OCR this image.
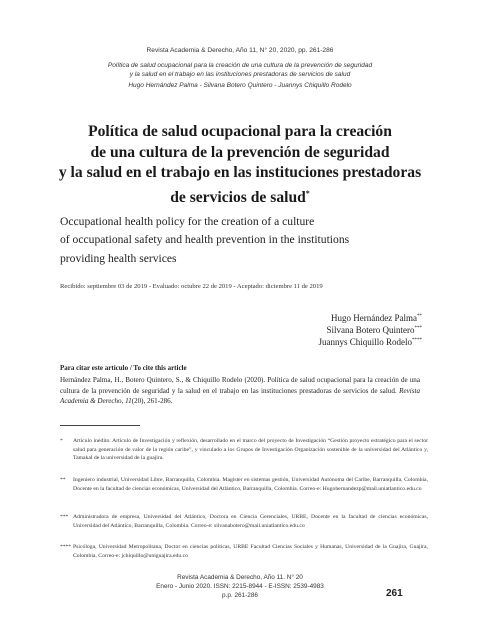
Revista Academia & Derecho, Año 11, N° 20, 2020, pp. 261-286
Política de salud ocupacional para la creación de una cultura de la prevención de seguridad
y la salud en el trabajo en las instituciones prestadoras de servicios de salud
Hugo Hernández Palma - Silvana Botero Quintero - Juannys Chiquillo Rodelo
Política de salud ocupacional para la creación
de una cultura de la prevención de seguridad
y la salud en el trabajo en las instituciones prestadoras
de servicios de salud*
Occupational health policy for the creation of a culture
of occupational safety and health prevention in the institutions
providing health services
Recibido: septiembre 03 de 2019 - Evaluado: octubre 22 de 2019 - Aceptado: diciembre 11 de 2019
Hugo Hernández Palma**
Silvana Botero Quintero***
Juannys Chiquillo Rodelo****
Para citar este artículo / To cite this article
Hernández Palma, H., Botero Quintero, S., & Chiquillo Rodelo (2020). Política de salud ocupacional para la creación de una cultura de la prevención de seguridad y la salud en el trabajo en las instituciones prestadoras de servicios de salud. Revista Academia & Derecho, 11(20), 261-286.
* Artículo inédito. Artículo de Investigación y reflexión, desarrollado en el marco del proyecto de Investigación “Gestión proyecto estratégico para el sector salud para generación de valor de la región caribe”, y vinculado a los Grupos de Investigación Organización sostenible de la universidad del Atlántico y, Tamakal de la universidad de la guajira.
** Ingeniero industrial, Universidad Libre, Barranquilla, Colombia. Magister en sistemas gestión, Universidad Autónoma del Caribe, Barranquilla, Colombia, Docente en la facultad de ciencias económicas, Universidad del Atlántico, Barranquilla, Colombia. Correo-e: Hugohernandezp@mail.uniatlantico.edu.co
*** Administradora de empresa, Universidad del Atlántico, Doctora en Ciencia Gerenciales, URBE, Docente en la facultad de ciencias económicas, Universidad del Atlántico, Barranquilla, Colombia. Correo-e: silvanabotero@mail.uniatlantico.edu.co
**** Psicóloga, Universidad Metropolitana, Doctor en ciencias políticas, URBE Facultad Ciencias Sociales y Humanas, Universidad de la Guajira, Guajira, Colombia, Correo-e: jchiquillo@uniguajira.edu.co
Revista Academia & Derecho, Año 11. N° 20
Enero - Junio 2020. ISSN: 2215-8944 - E-ISSN: 2539-4983
p.p. 261-286	261
